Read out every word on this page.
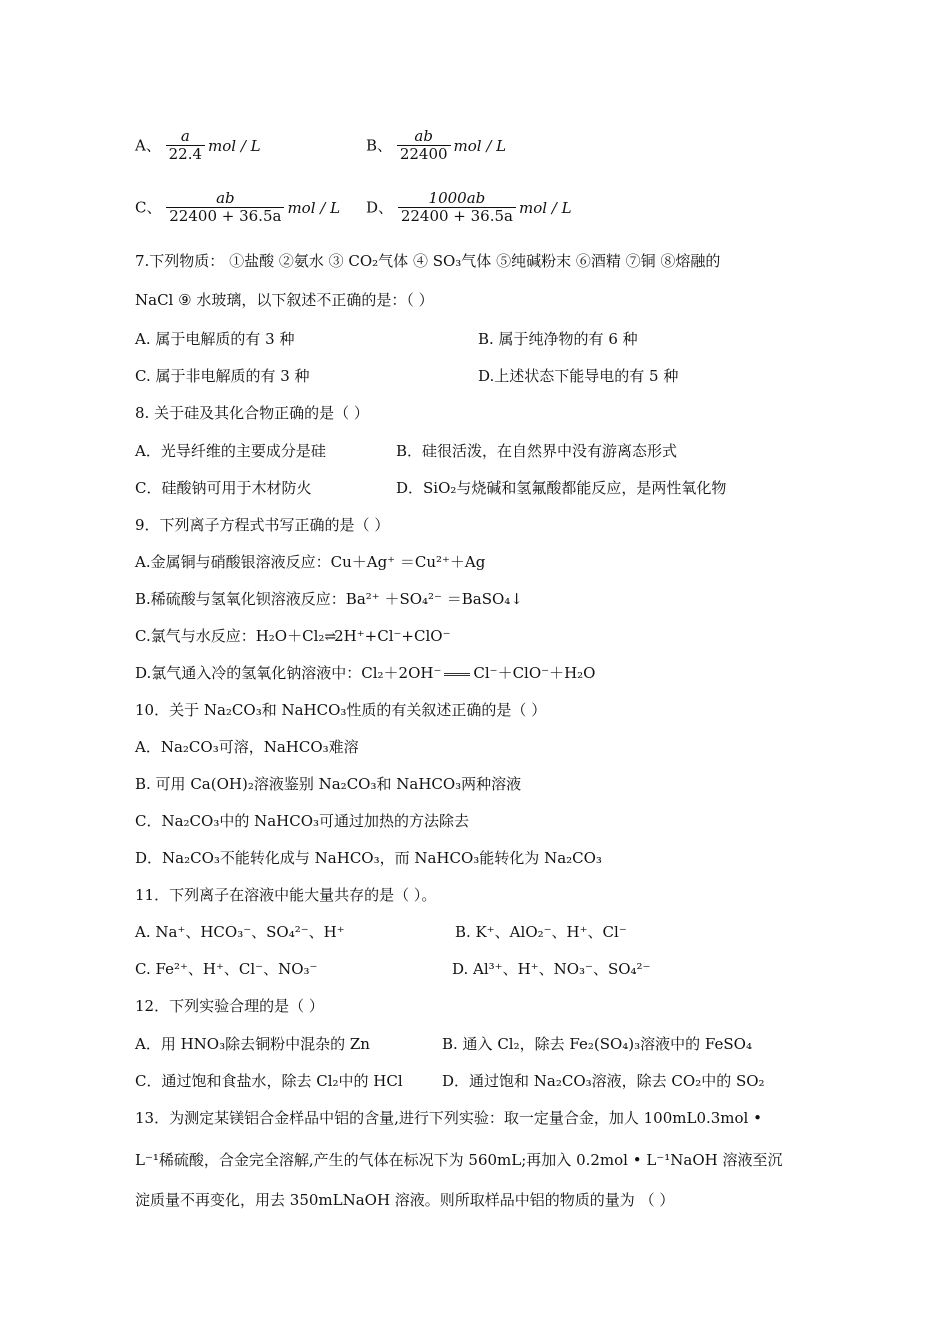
A、 $\frac{a}{22.4}$ mol / L	B、 $\frac{ab}{22400}$ mol / L
C、 $\frac{ab}{22400 + 36.5a}$ mol / L D、 $\frac{1000ab}{22400 + 36.5a}$ mol / L
7.下列物质： ①盐酸 ②氨水 ③ CO₂气体 ④ SO₃气体 ⑤纯碱粉末 ⑥酒精 ⑦铜 ⑧熔融的
NaCl ⑨ 水玻璃，以下叙述不正确的是：（ ）
A. 属于电解质的有 3 种	B. 属于纯净物的有 6 种
C. 属于非电解质的有 3 种	D.上述状态下能导电的有 5 种
8. 关于硅及其化合物正确的是（ ）
A．光导纤维的主要成分是硅	B．硅很活泼，在自然界中没有游离态形式
C．硅酸钠可用于木材防火	D．SiO₂与烧碱和氢氟酸都能反应，是两性氧化物
9．下列离子方程式书写正确的是（ ）
A.金属铜与硝酸银溶液反应：Cu＋Ag⁺ ＝Cu²⁺＋Ag
B.稀硫酸与氢氧化钡溶液反应：Ba²⁺ ＋SO₄²⁻ ＝BaSO₄↓
C.氯气与水反应：H₂O＋Cl₂⇌2H⁺+Cl⁻+ClO⁻
D.氯气通入冷的氢氧化钠溶液中：Cl₂＋2OH⁻ Cl⁻＋ClO⁻＋H₂O
10．关于 Na₂CO₃和 NaHCO₃性质的有关叙述正确的是（ ）
A．Na₂CO₃可溶，NaHCO₃难溶
B. 可用 Ca(OH)₂溶液鉴别 Na₂CO₃和 NaHCO₃两种溶液
C．Na₂CO₃中的 NaHCO₃可通过加热的方法除去
D．Na₂CO₃不能转化成与 NaHCO₃，而 NaHCO₃能转化为 Na₂CO₃
11．下列离子在溶液中能大量共存的是（ ）。
A. Na⁺、HCO₃⁻、SO₄²⁻、H⁺	B. K⁺、AlO₂⁻、H⁺、Cl⁻
C. Fe²⁺、H⁺、Cl⁻、NO₃⁻	D. Al³⁺、H⁺、NO₃⁻、SO₄²⁻
12．下列实验合理的是（ ）
A．用 HNO₃除去铜粉中混杂的 Zn	B. 通入 Cl₂，除去 Fe₂(SO₄)₃溶液中的 FeSO₄
C．通过饱和食盐水，除去 Cl₂中的 HCl	D．通过饱和 Na₂CO₃溶液，除去 CO₂中的 SO₂
13．为测定某镁铝合金样品中铝的含量,进行下列实验：取一定量合金，加人 100mL0.3mol •
L⁻¹稀硫酸，合金完全溶解,产生的气体在标况下为 560mL;再加入 0.2mol • L⁻¹NaOH 溶液至沉
淀质量不再变化，用去 350mLNaOH 溶液。则所取样品中铝的物质的量为 （ ）
